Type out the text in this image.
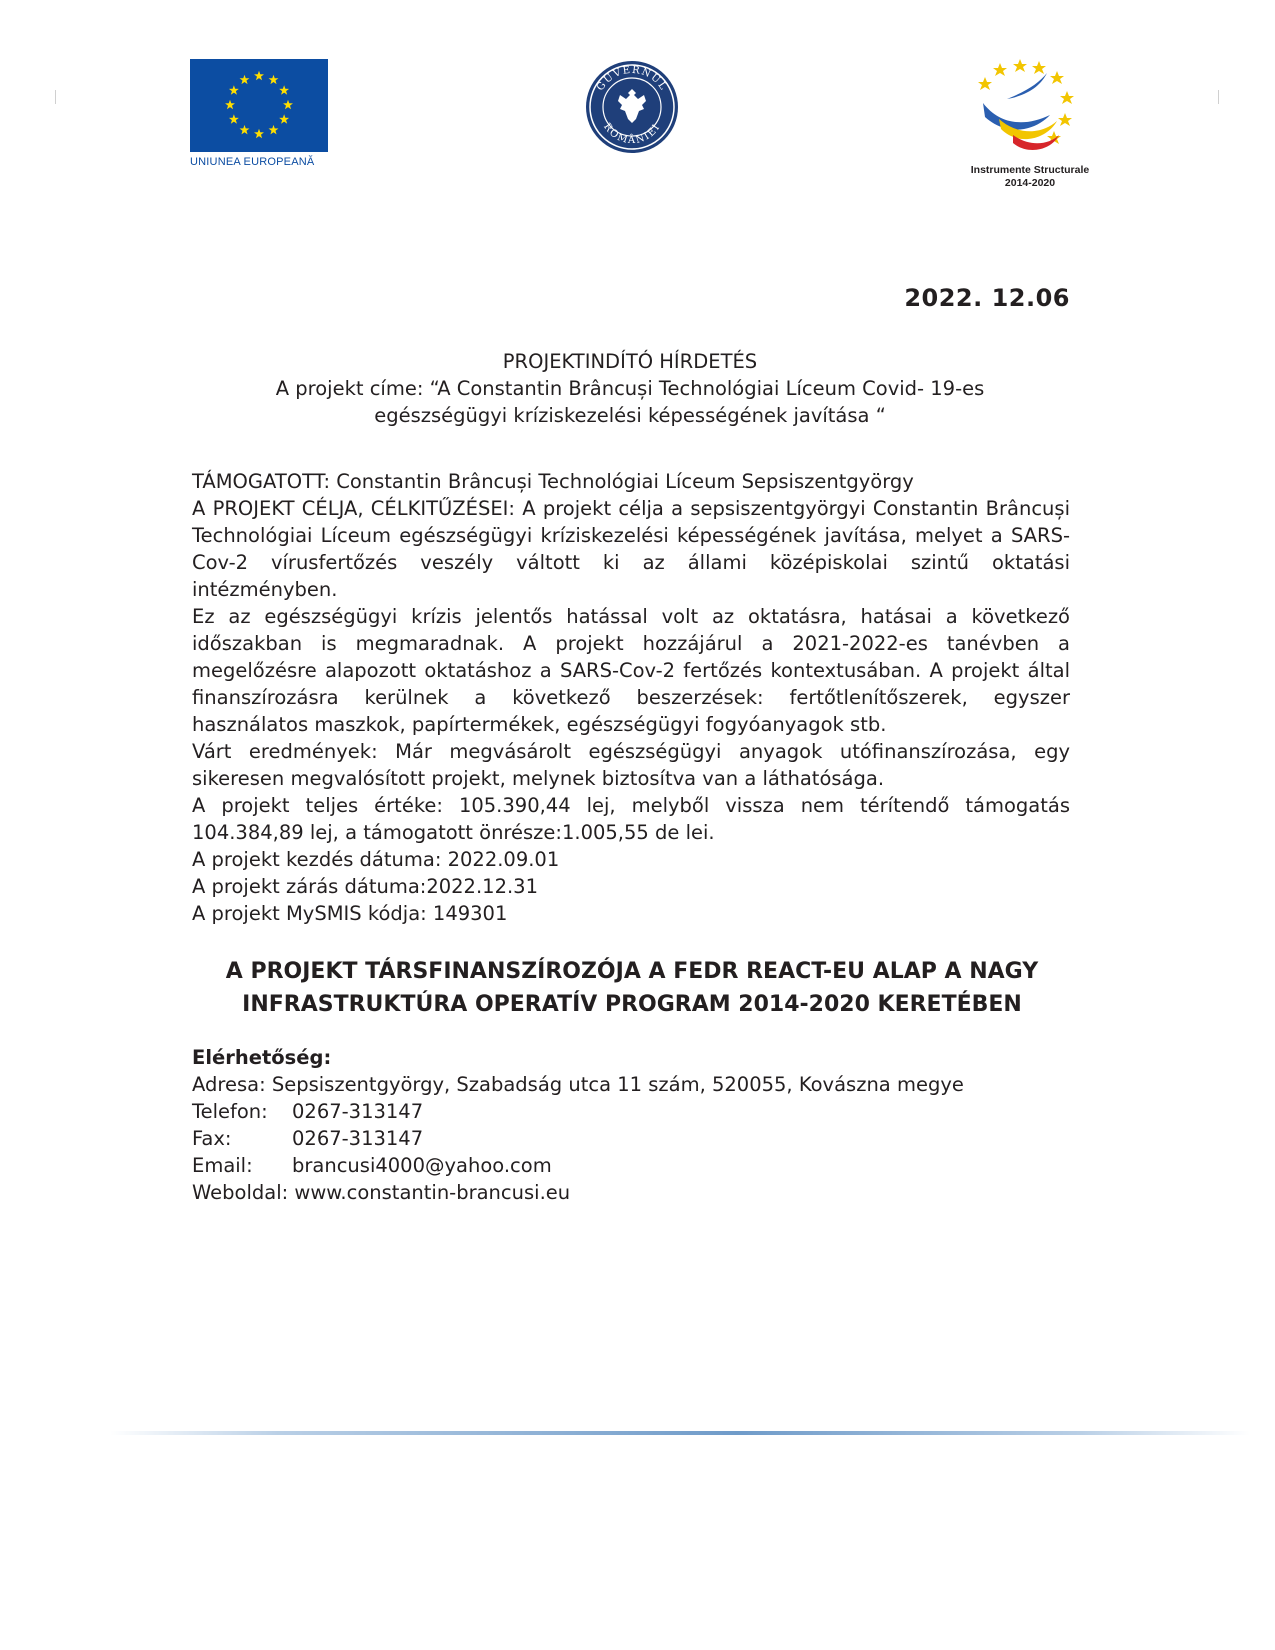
UNIUNEA EUROPEANĂ
GUVERNUL
ROMÂNIEI
Instrumente Structurale
2014-2020
2022. 12.06
PROJEKTINDÍTÓ HÍRDETÉS
A projekt címe: “A Constantin Brâncuși Technológiai Líceum Covid- 19-es
egészségügyi kríziskezelési képességének javítása “

TÁMOGATOTT: Constantin Brâncuși Technológiai Líceum Sepsiszentgyörgy

A PROJEKT CÉLJA, CÉLKITŰZÉSEI: A projekt célja a sepsiszentgyörgyi Constantin Brâncuși Technológiai Líceum egészségügyi kríziskezelési képességének javítása, melyet a SARS-Cov-2 vírusfertőzés veszély váltott ki az állami középiskolai szintű oktatási intézményben.

Ez az egészségügyi krízis jelentős hatással volt az oktatásra, hatásai a következő időszakban is megmaradnak. A projekt hozzájárul a 2021-2022-es tanévben a megelőzésre alapozott oktatáshoz a SARS-Cov-2 fertőzés kontextusában. A projekt által finanszírozásra kerülnek a következő beszerzések: fertőtlenítőszerek, egyszer használatos maszkok, papírtermékek, egészségügyi fogyóanyagok stb.

Várt eredmények: Már megvásárolt egészségügyi anyagok utófinanszírozása, egy sikeresen megvalósított projekt, melynek biztosítva van a láthatósága.

A projekt teljes értéke: 105.390,44 lej, melyből vissza nem térítendő támogatás 104.384,89 lej, a támogatott önrésze:1.005,55 de lei.

A projekt kezdés dátuma: 2022.09.01

A projekt zárás dátuma:2022.12.31

A projekt MySMIS kódja: 149301

A PROJEKT TÁRSFINANSZÍROZÓJA A FEDR REACT-EU ALAP A NAGY
INFRASTRUKTÚRA OPERATÍV PROGRAM 2014-2020 KERETÉBEN
Elérhetőség:
Adresa: Sepsiszentgyörgy, Szabadság utca 11 szám, 520055, Kovászna megye
Telefon:	0267-313147
Fax:	0267-313147
Email:	brancusi4000@yahoo.com
Weboldal: www.constantin-brancusi.eu
